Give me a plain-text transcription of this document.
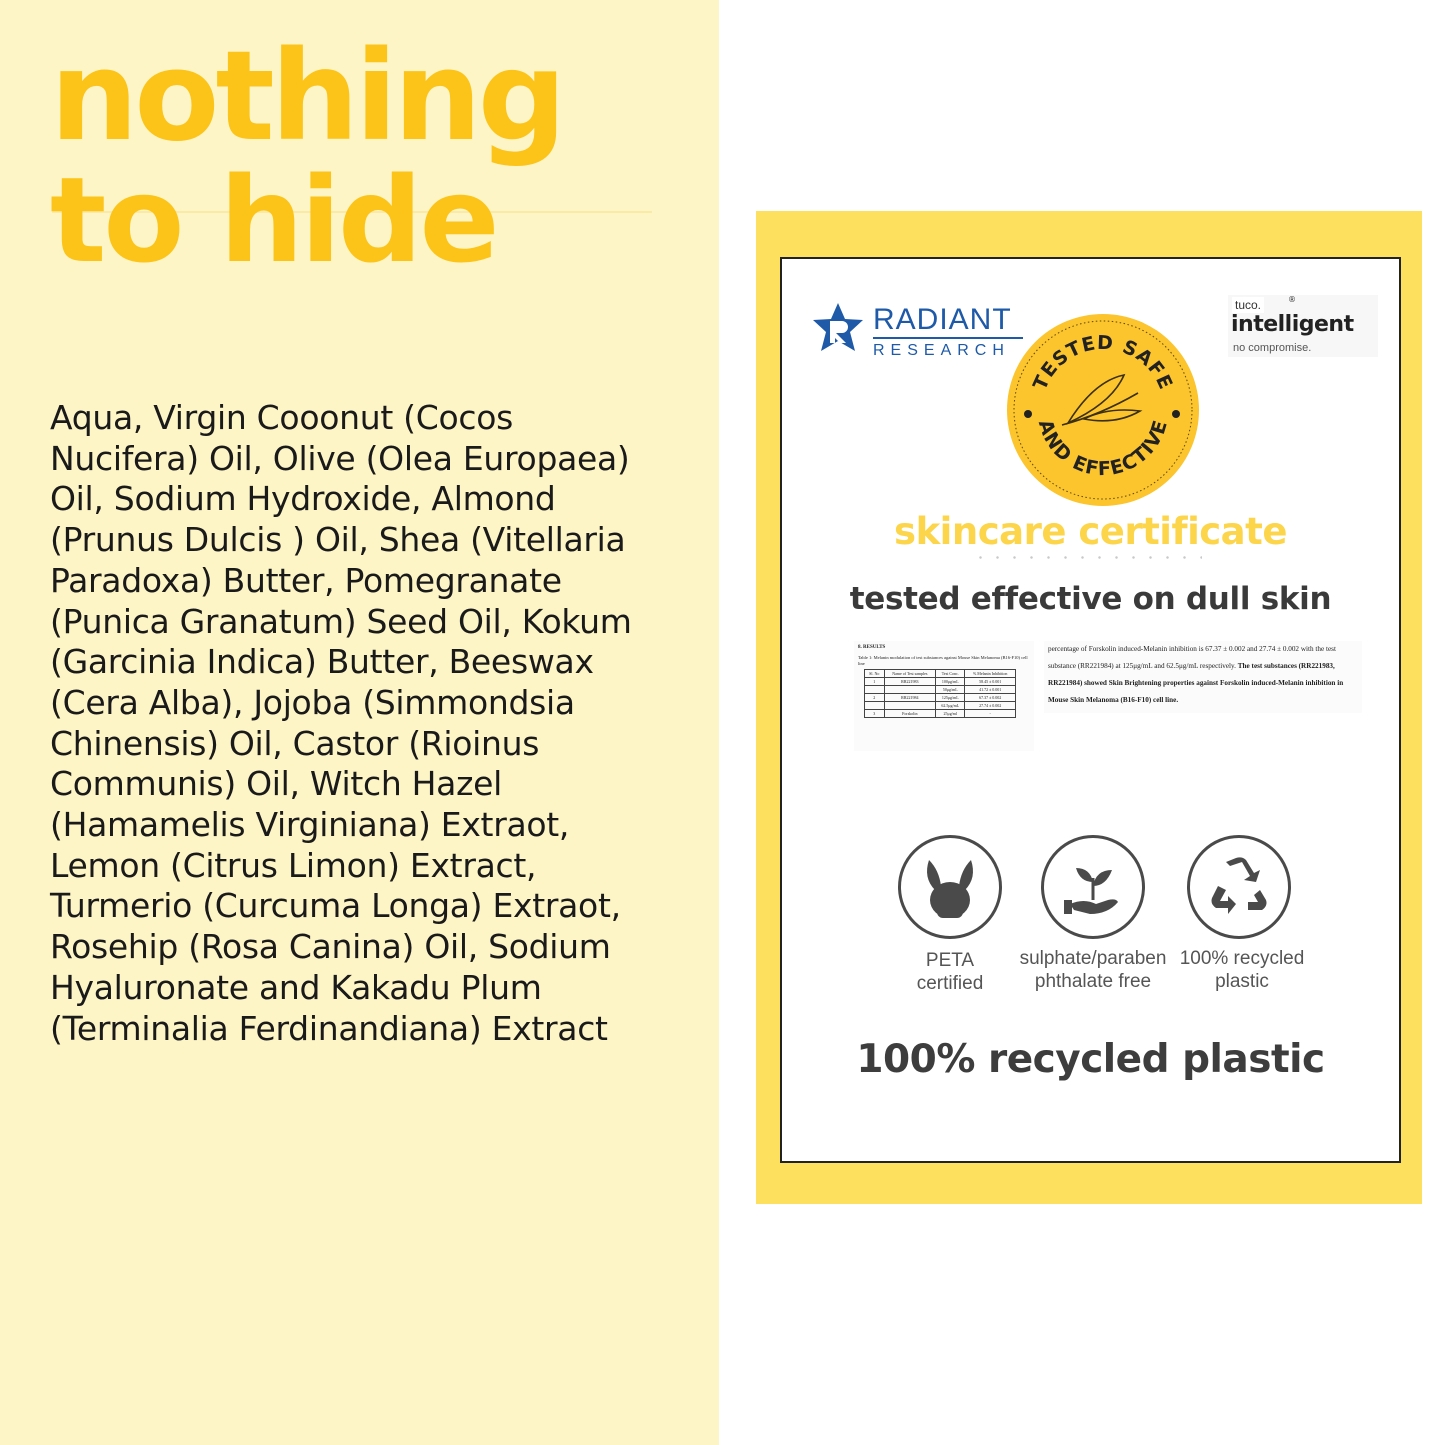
nothing
to hide

Aqua, Virgin Cooonut (Cocos Nucifera) Oil, Olive (Olea Europaea) Oil, Sodium Hydroxide, Almond (Prunus Dulcis ) Oil, Shea (Vitellaria Paradoxa) Butter, Pomegranate (Punica Granatum) Seed Oil, Kokum (Garcinia Indica) Butter, Beeswax (Cera Alba), Jojoba (Simmondsia Chinensis) Oil, Castor (Rioinus Communis) Oil, Witch Hazel (Hamamelis Virginiana) Extraot, Lemon (Citrus Limon) Extract, Turmerio (Curcuma Longa) Extraot, Rosehip (Rosa Canina) Oil, Sodium Hyaluronate and Kakadu Plum (Terminalia Ferdinandiana) Extract

RADIANT
RESEARCH
tuco.	®
intelligent
no compromise.
TESTED SAFE
AND EFFECTIVE
skincare certificate
tested effective on dull skin
8. RESULTS
Table 1: Melanin modulation of test substances against Mouse Skin Melanoma (B16-F10) cell line
Sl. No	Name of Test samples	Test Conc.	% Melanin Inhibition
1	RR221983	100μg/mL	58.45 ± 0.001
		50μg/mL	41.72 ± 0.001
2	RR221984	125μg/mL	67.37 ± 0.002
		62.5μg/mL	27.74 ± 0.002
3	Forskolin	25μg/ml	-
percentage of Forskolin induced-Melanin inhibition is 67.37 ± 0.002 and 27.74 ± 0.002 with the test substance (RR221984) at 125μg/mL and 62.5μg/mL respectively. The test substances (RR221983, RR221984) showed Skin Brightening properties against Forskolin induced-Melanin inhibition in Mouse Skin Melanoma (B16-F10) cell line.
PETA
certified
sulphate/paraben
phthalate free
100% recycled
plastic
100% recycled plastic
